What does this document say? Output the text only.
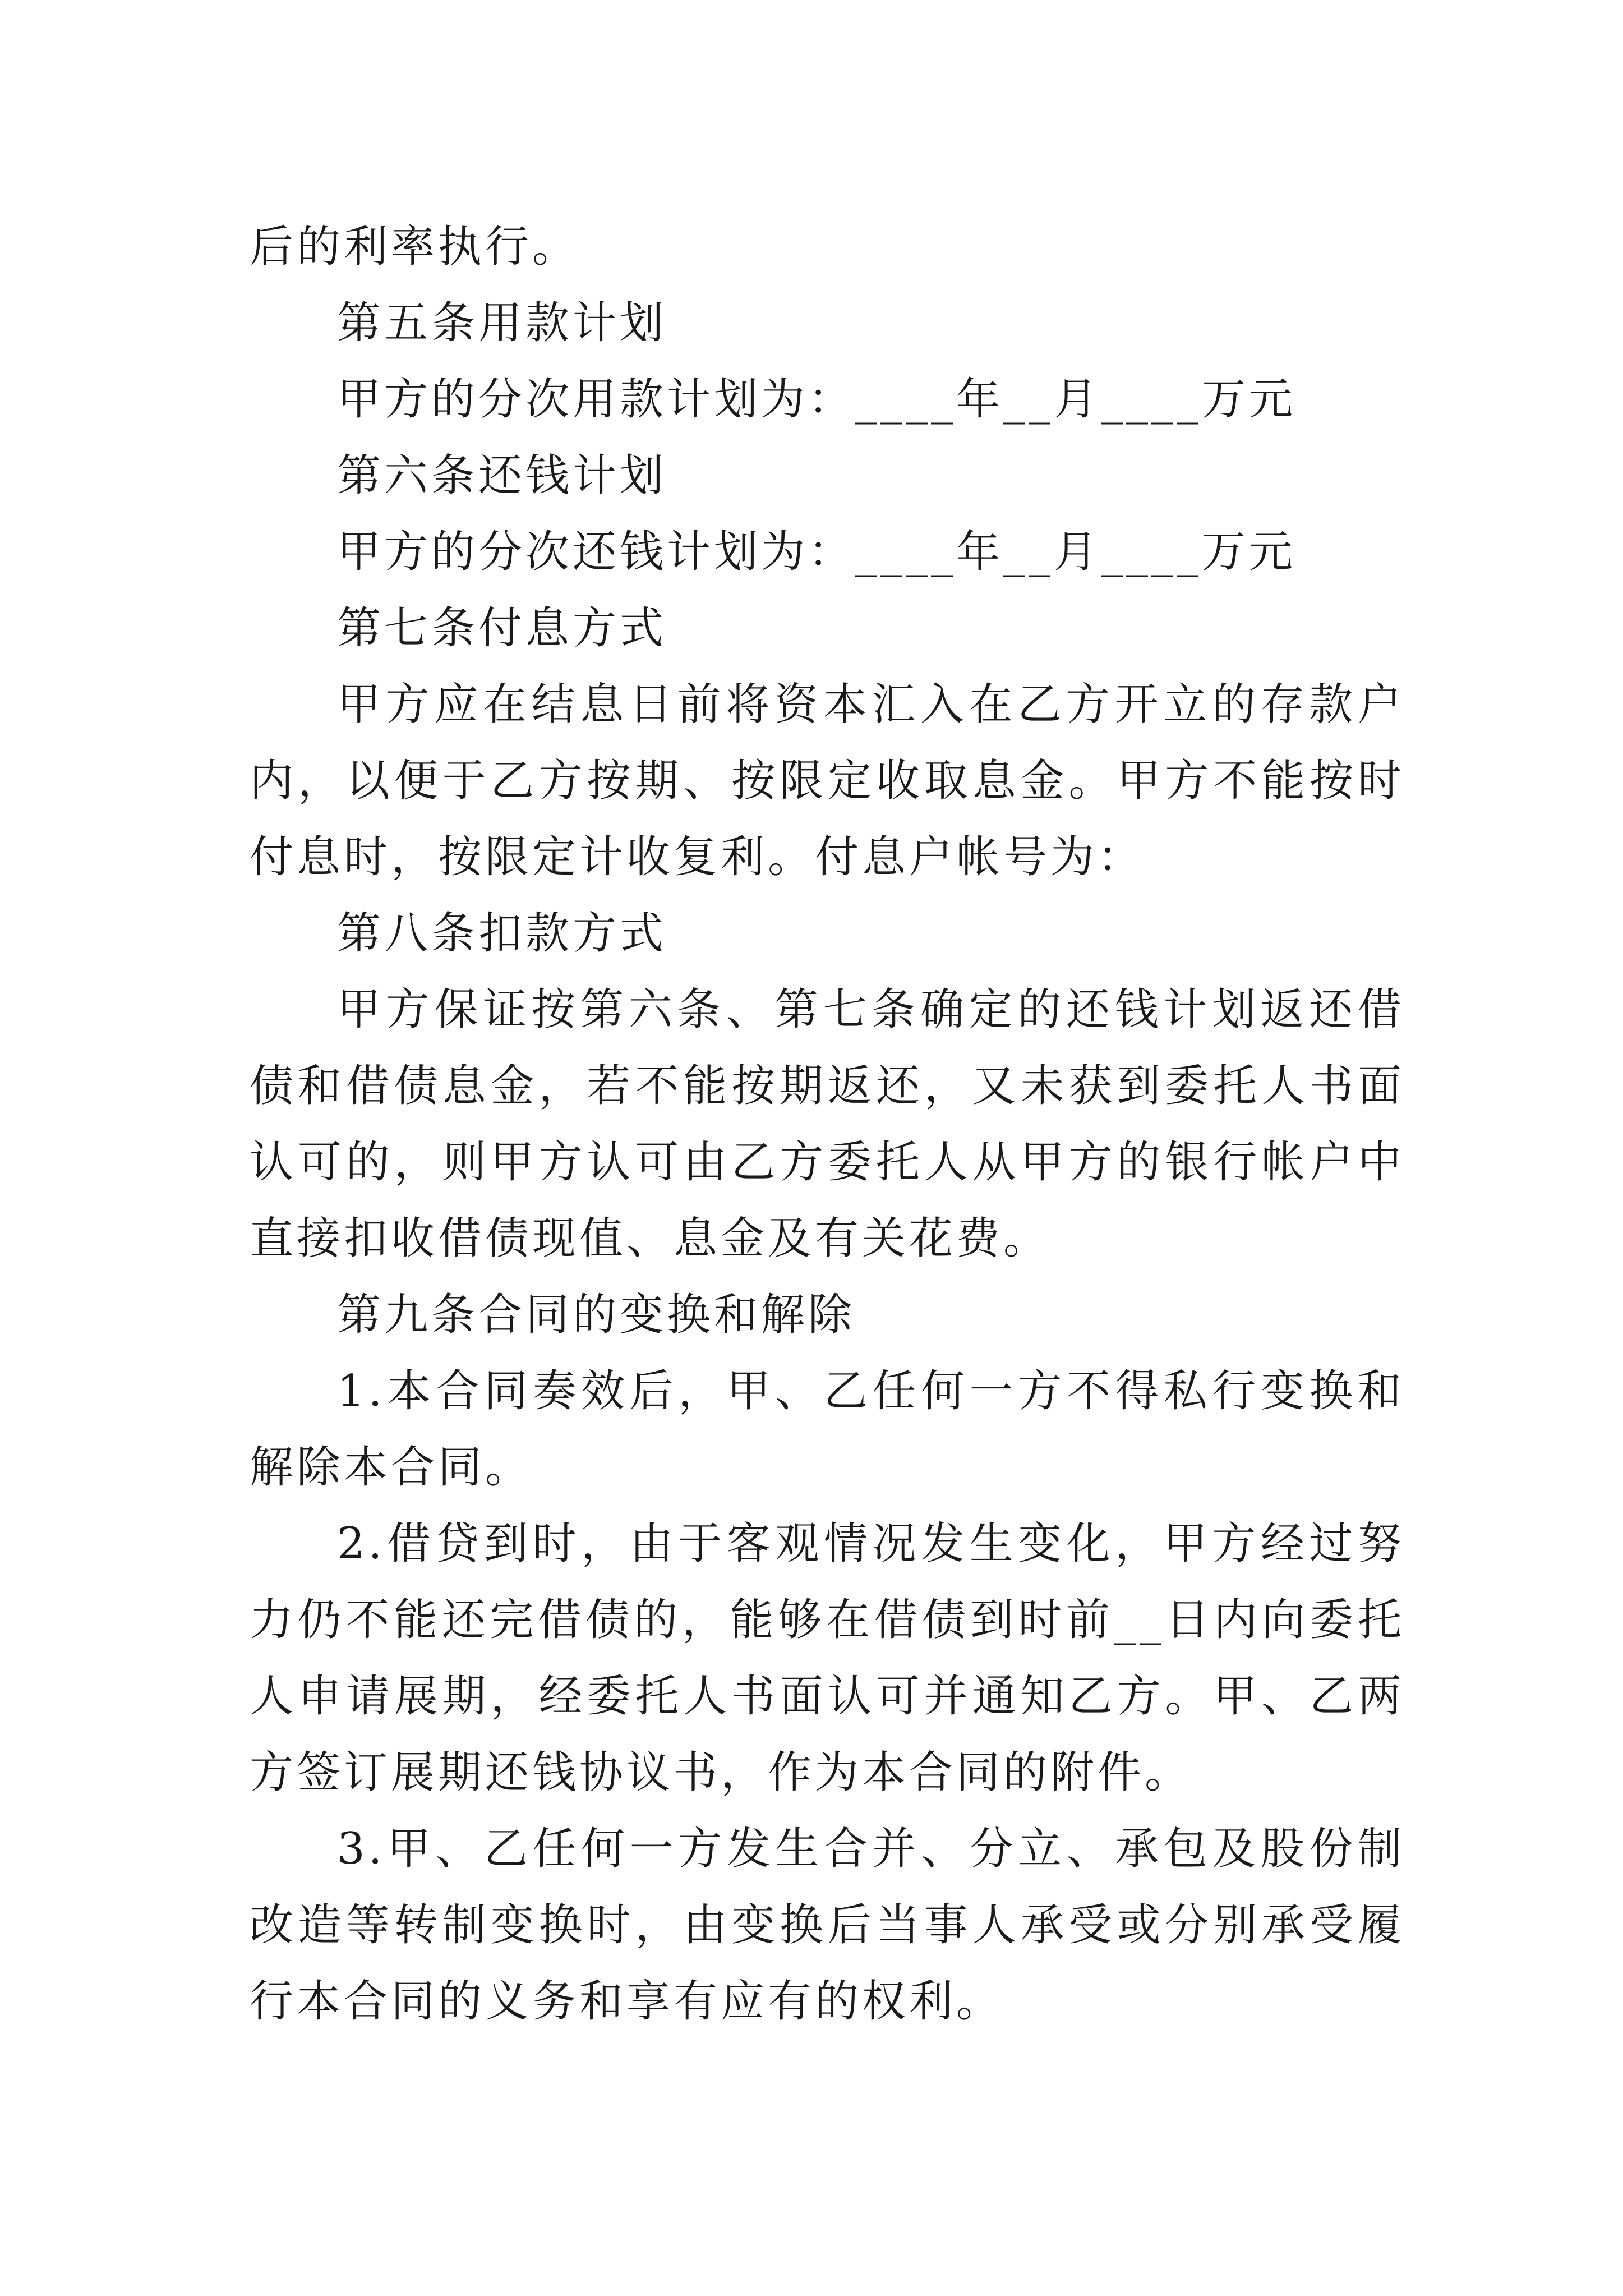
后的利率执行。

第五条用款计划

甲方的分次用款计划为：____年__月____万元

第六条还钱计划

甲方的分次还钱计划为：____年__月____万元

第七条付息方式

甲方应在结息日前将资本汇入在乙方开立的存款户内，以便于乙方按期、按限定收取息金。甲方不能按时付息时，按限定计收复利。付息户帐号为：

第八条扣款方式

甲方保证按第六条、第七条确定的还钱计划返还借债和借债息金，若不能按期返还，又未获到委托人书面认可的，则甲方认可由乙方委托人从甲方的银行帐户中直接扣收借债现值、息金及有关花费。

第九条合同的变换和解除

1.本合同奏效后，甲、乙任何一方不得私行变换和解除本合同。

2.借贷到时，由于客观情况发生变化，甲方经过努力仍不能还完借债的，能够在借债到时前__日内向委托人申请展期，经委托人书面认可并通知乙方。甲、乙两方签订展期还钱协议书，作为本合同的附件。

3.甲、乙任何一方发生合并、分立、承包及股份制改造等转制变换时，由变换后当事人承受或分别承受履行本合同的义务和享有应有的权利。
